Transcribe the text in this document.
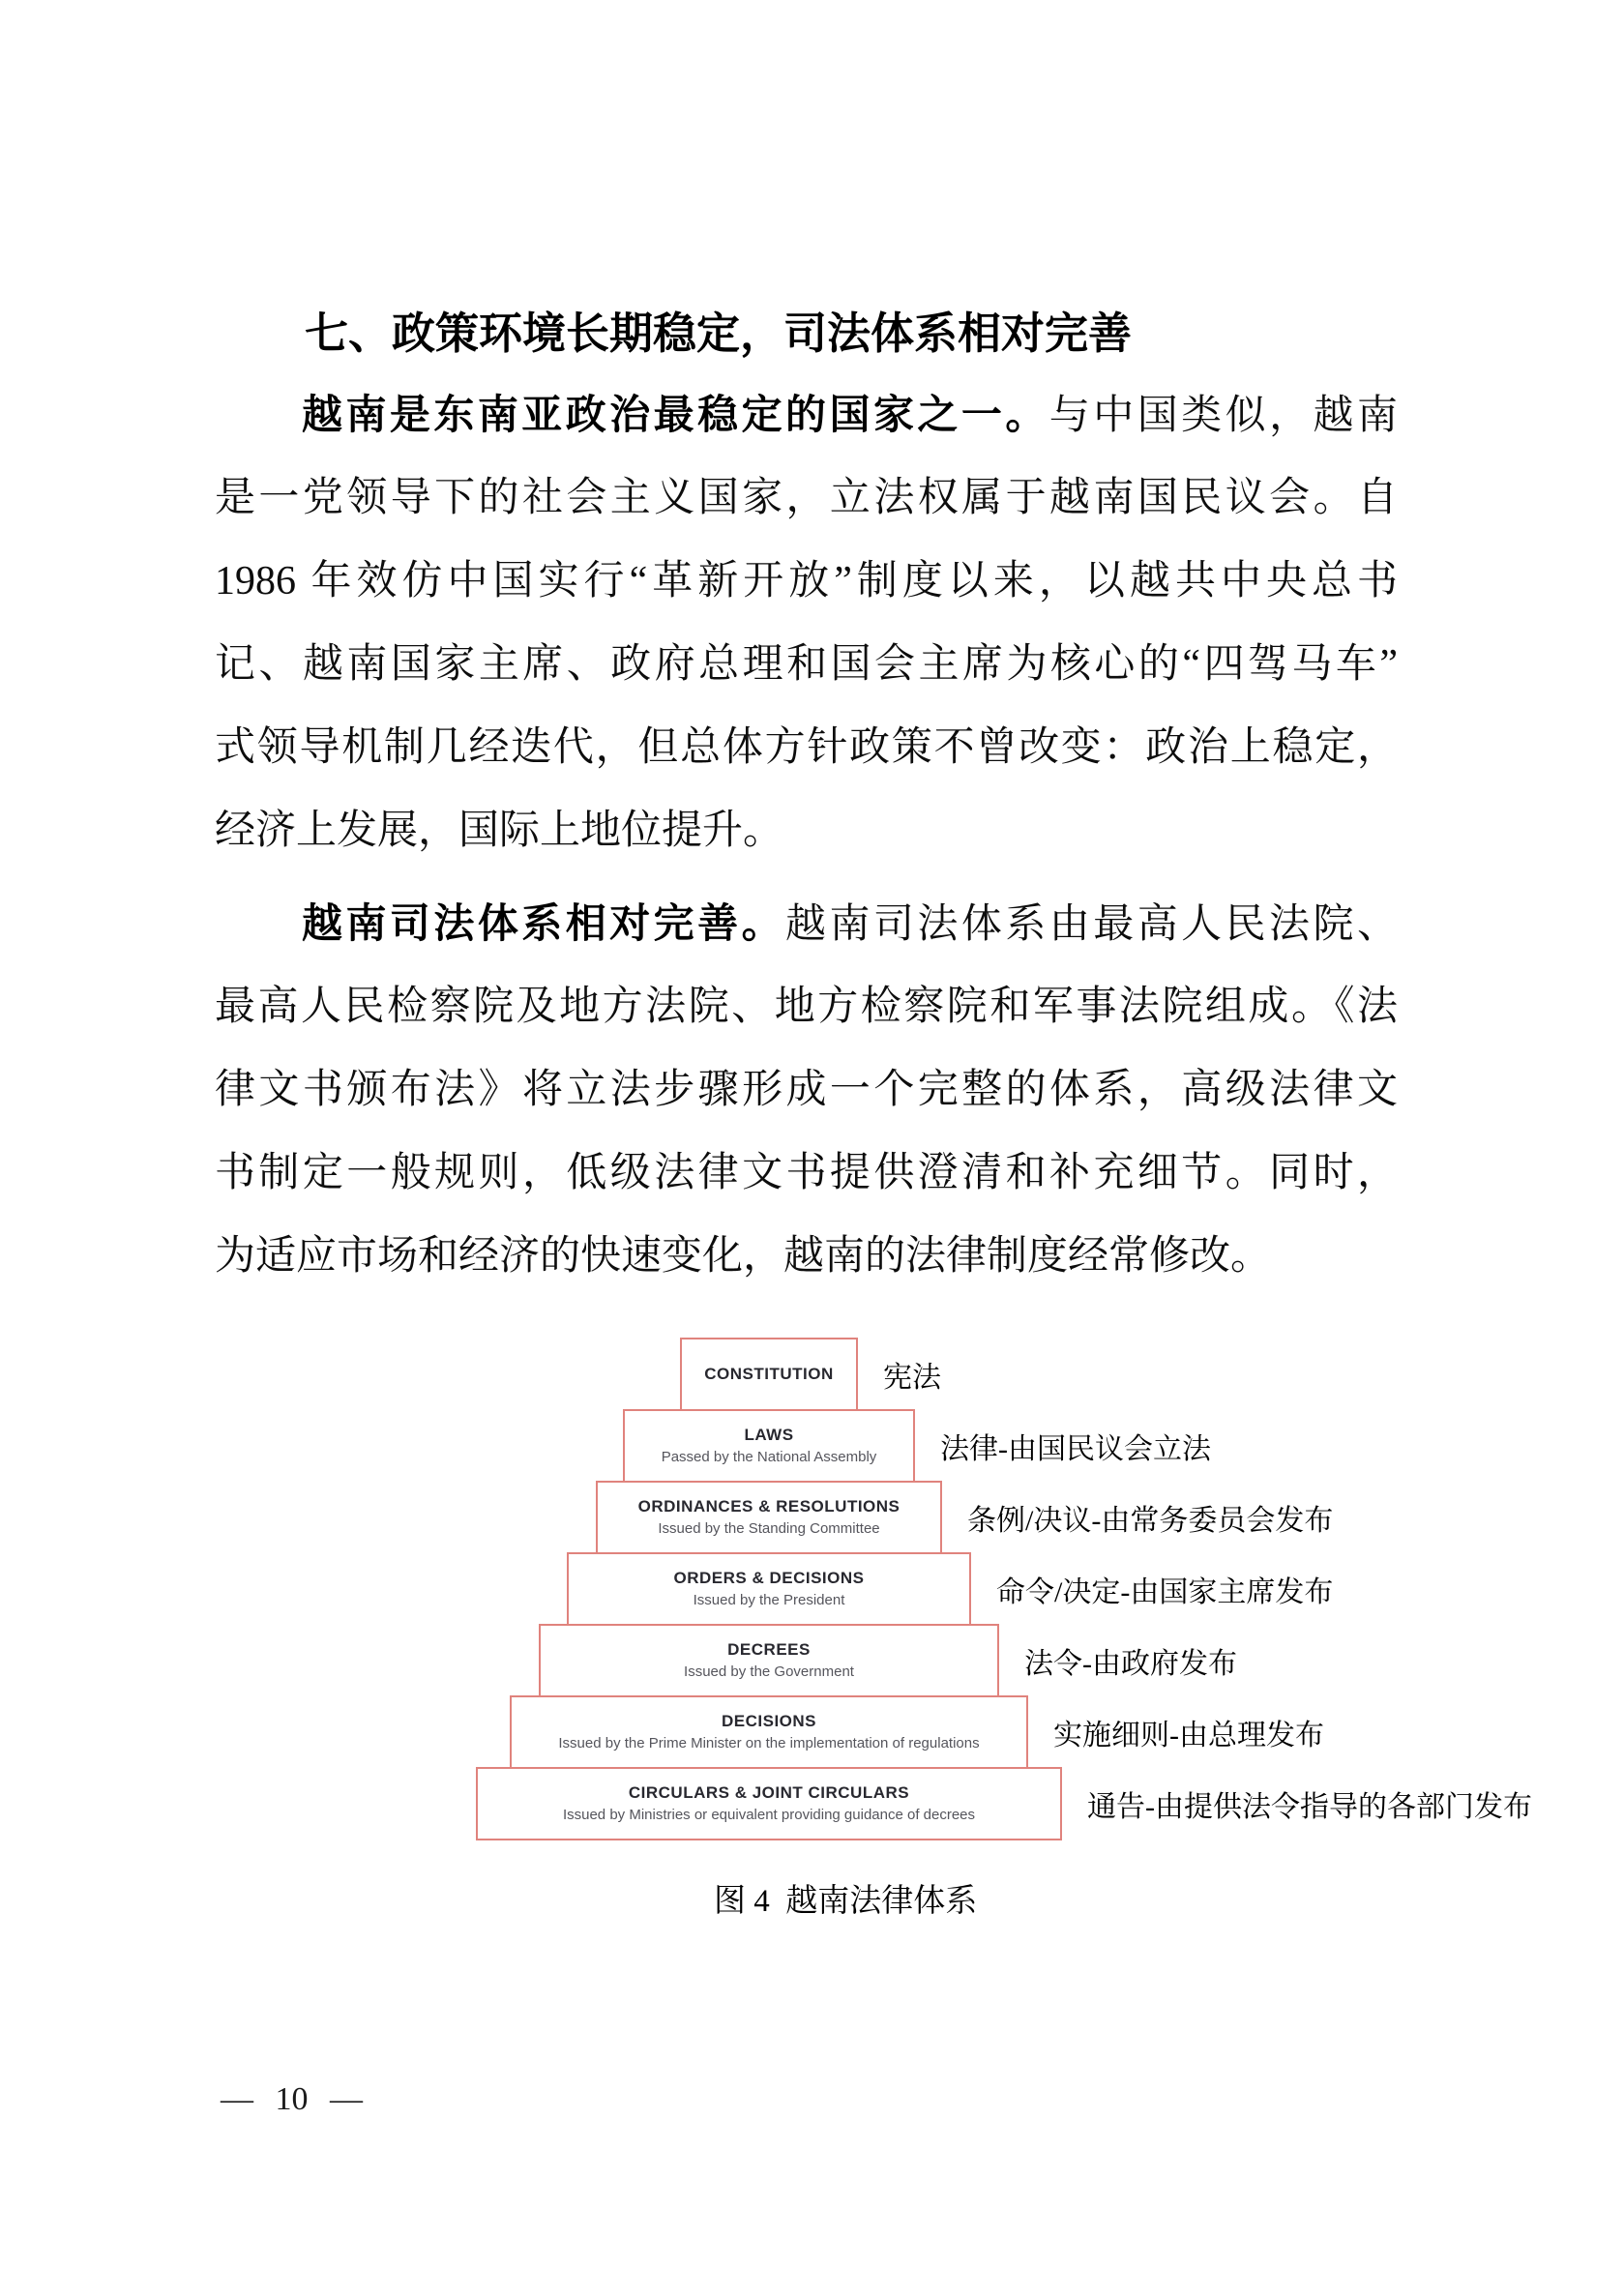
七、政策环境长期稳定，司法体系相对完善
越南是东南亚政治最稳定的国家之一。与中国类似，越南
是一党领导下的社会主义国家，立法权属于越南国民议会。自
1986 年效仿中国实行“革新开放”制度以来，以越共中央总书
记、越南国家主席、政府总理和国会主席为核心的“四驾马车”
式领导机制几经迭代，但总体方针政策不曾改变：政治上稳定，
经济上发展，国际上地位提升。
越南司法体系相对完善。越南司法体系由最高人民法院、
最高人民检察院及地方法院、地方检察院和军事法院组成。《法
律文书颁布法》将立法步骤形成一个完整的体系，高级法律文
书制定一般规则，低级法律文书提供澄清和补充细节。同时，
为适应市场和经济的快速变化，越南的法律制度经常修改。
CONSTITUTION 宪法
LAWS
Passed by the National Assembly 法律-由国民议会立法
ORDINANCES & RESOLUTIONS
Issued by the Standing Committee	条例/决议-由常务委员会发布
ORDERS & DECISIONS
Issued by the President	命令/决定-由国家主席发布
DECREES
Issued by the Government	法令-由政府发布
DECISIONS
Issued by the Prime Minister on the implementation of regulations	实施细则-由总理发布
CIRCULARS & JOINT CIRCULARS
Issued by Ministries or equivalent providing guidance of decrees	通告-由提供法令指导的各部门发布
图 4  越南法律体系
— 10 —
